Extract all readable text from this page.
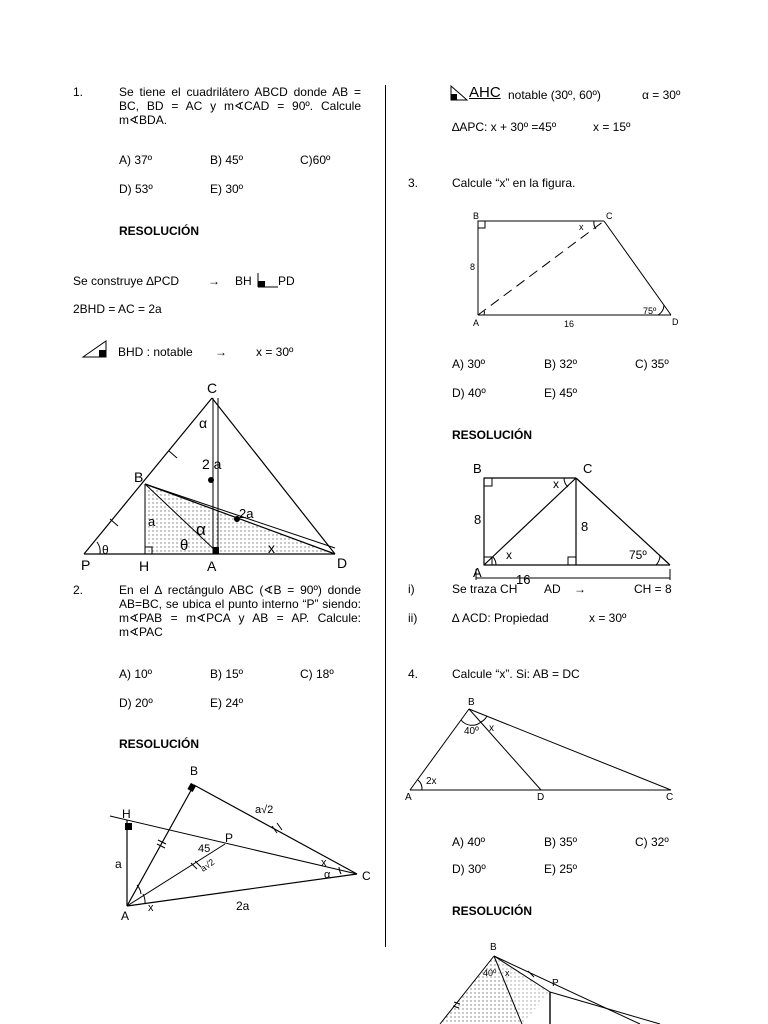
1.	Se tiene el cuadrilátero ABCD donde AB = BC, BD = AC y m∢CAD = 90º. Calcule m∢BDA.
A) 37º	B) 45º	C)60º
D) 53º	E) 30º
RESOLUCIÓN
Se construye ∆PCD → BH PD
2BHD = AC = 2a
BHD : notable → x = 30º
C
B
P	H	A	D
α
α
θ	θ
2 a
2a
a
x
2.	En el ∆ rectángulo ABC (∢B = 90º) donde AB=BC, se ubica el punto interno “P” siendo: m∢PAB = m∢PCA y AB = AP. Calcule: m∢PAC
A) 10º	B) 15º	C) 18º
D) 20º	E) 24º
RESOLUCIÓN
B
H
P
A
C
a
a√2
a√2
2a
45
x
x
α
AHC notable (30º, 60º)	α = 30º
∆APC: x + 30º =45º	x = 15º
3.	Calcule “x” en la figura.
B	C
A	D
x
8
16
75º
A) 30º	B) 32º	C) 35º
D) 40º	E) 45º
RESOLUCIÓN
B	C
A
x
x
8	8
16
75º
i)	Se traza CH AD →	CH = 8
ii)	∆ ACD: Propiedad	x = 30º
4.	Calcule “x”. Si: AB = DC
B
A	D	C
40º x
2x
A) 40º	B) 35º	C) 32º
D) 30º	E) 25º
RESOLUCIÓN
B
P
40º x
